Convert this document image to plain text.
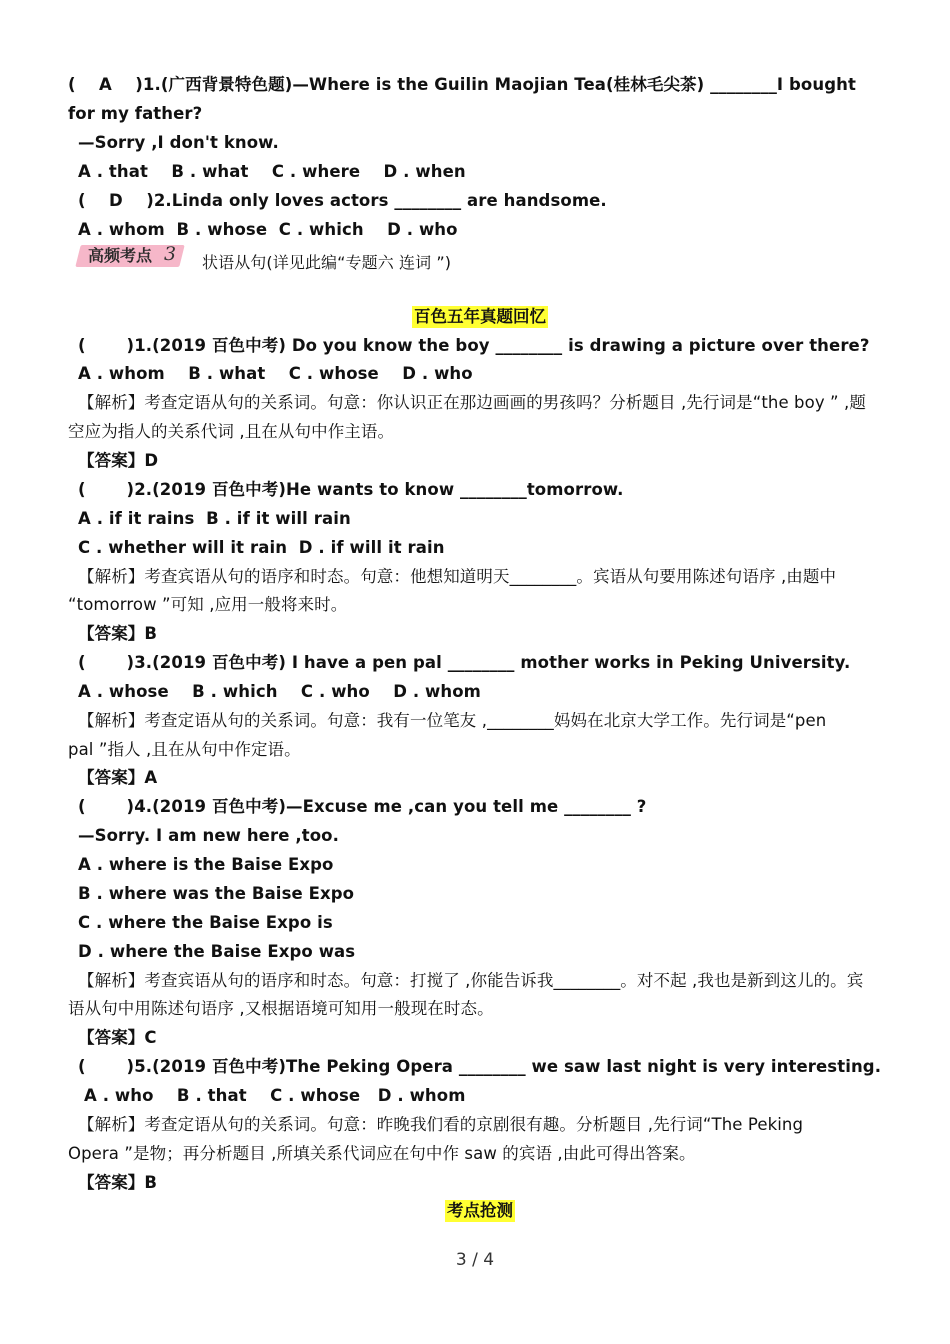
(    A    )1.(广西背景特色题)—Where is the Guilin Maojian Tea(桂林毛尖茶) ________I bought
for my father?
—Sorry ,I don't know.
A . that    B . what    C . where    D . when
(    D    )2.Linda only loves actors ________ are handsome.
A . whom  B . whose  C . which    D . who
高频考点 3 状语从句(详见此编“专题六 连词 ”)
百色五年真题回忆
(       )1.(2019 百色中考) Do you know the boy ________ is drawing a picture over there?
A . whom    B . what    C . whose    D . who
【解析】考查定语从句的关系词。句意：你认识正在那边画画的男孩吗？分析题目 ,先行词是“the boy ” ,题
空应为指人的关系代词 ,且在从句中作主语。
【答案】D
(       )2.(2019 百色中考)He wants to know ________tomorrow.
A . if it rains  B . if it will rain
C . whether will it rain  D . if will it rain
【解析】考查宾语从句的语序和时态。句意：他想知道明天________。宾语从句要用陈述句语序 ,由题中
“tomorrow ”可知 ,应用一般将来时。
【答案】B
(       )3.(2019 百色中考) I have a pen pal ________ mother works in Peking University.
A . whose    B . which    C . who    D . whom
【解析】考查定语从句的关系词。句意：我有一位笔友 ,________妈妈在北京大学工作。先行词是“pen
pal ”指人 ,且在从句中作定语。
【答案】A
(       )4.(2019 百色中考)—Excuse me ,can you tell me ________ ?
—Sorry. I am new here ,too.
A . where is the Baise Expo
B . where was the Baise Expo
C . where the Baise Expo is
D . where the Baise Expo was
【解析】考查宾语从句的语序和时态。句意：打搅了 ,你能告诉我________。对不起 ,我也是新到这儿的。宾
语从句中用陈述句语序 ,又根据语境可知用一般现在时态。
【答案】C
(       )5.(2019 百色中考)The Peking Opera ________ we saw last night is very interesting.
A . who    B . that    C . whose   D . whom
【解析】考查定语从句的关系词。句意：昨晚我们看的京剧很有趣。分析题目 ,先行词“The Peking
Opera ”是物；再分析题目 ,所填关系代词应在句中作 saw 的宾语 ,由此可得出答案。
【答案】B
考点抢测
3 / 4
